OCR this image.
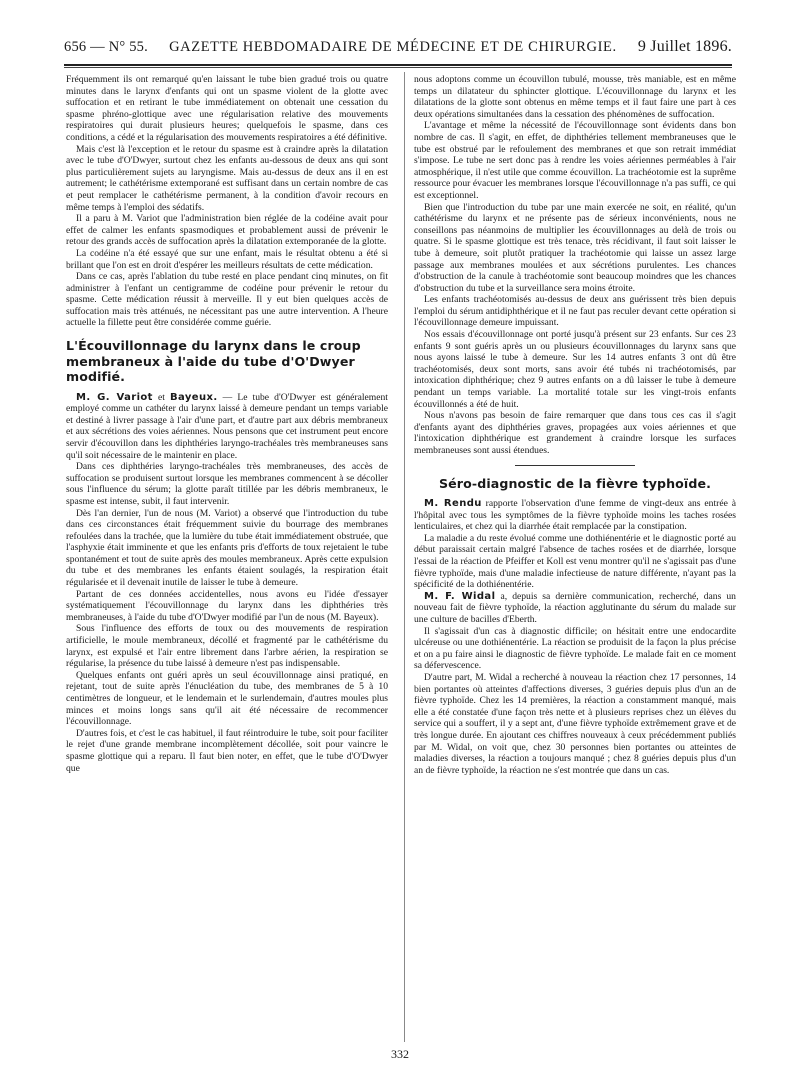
656 — N° 55. GAZETTE HEBDOMADAIRE DE MÉDECINE ET DE CHIRURGIE. 9 Juillet 1896.

Fréquemment ils ont remarqué qu'en laissant le tube bien gradué trois ou quatre minutes dans le larynx d'enfants qui ont un spasme violent de la glotte avec suffocation et en retirant le tube immédiatement on obtenait une cessation du spasme phréno-glottique avec une régularisation relative des mouvements respiratoires qui durait plusieurs heures; quelquefois le spasme, dans ces conditions, a cédé et la régularisation des mouvements respiratoires a été définitive.

Mais c'est là l'exception et le retour du spasme est à craindre après la dilatation avec le tube d'O'Dwyer, surtout chez les enfants au-dessous de deux ans qui sont plus particulièrement sujets au laryngisme. Mais au-dessus de deux ans il en est autrement; le cathétérisme extemporané est suffisant dans un certain nombre de cas et peut remplacer le cathétérisme permanent, à la condition d'avoir recours en même temps à l'emploi des sédatifs.

Il a paru à M. Variot que l'administration bien réglée de la codéine avait pour effet de calmer les enfants spasmodiques et probablement aussi de prévenir le retour des grands accès de suffocation après la dilatation extemporanée de la glotte.

La codéine n'a été essayé que sur une enfant, mais le résultat obtenu a été si brillant que l'on est en droit d'espérer les meilleurs résultats de cette médication.

Dans ce cas, après l'ablation du tube resté en place pendant cinq minutes, on fit administrer à l'enfant un centigramme de codéine pour prévenir le retour du spasme. Cette médication réussit à merveille. Il y eut bien quelques accès de suffocation mais très atténués, ne nécessitant pas une autre intervention. A l'heure actuelle la fillette peut être considérée comme guérie.

L'Écouvillonnage du larynx dans le croup membraneux à l'aide du tube d'O'Dwyer modifié.

M. G. Variot et Bayeux. — Le tube d'O'Dwyer est généralement employé comme un cathéter du larynx laissé à demeure pendant un temps variable et destiné à livrer passage à l'air d'une part, et d'autre part aux débris membraneux et aux sécrétions des voies aériennes. Nous pensons que cet instrument peut encore servir d'écouvillon dans les diphthéries laryngo-trachéales très membraneuses sans qu'il soit nécessaire de le maintenir en place.

Dans ces diphthéries laryngo-trachéales très membraneuses, des accès de suffocation se produisent surtout lorsque les membranes commencent à se décoller sous l'influence du sérum; la glotte paraît titillée par les débris membraneux, le spasme est intense, subit, il faut intervenir.

Dès l'an dernier, l'un de nous (M. Variot) a observé que l'introduction du tube dans ces circonstances était fréquemment suivie du bourrage des membranes refoulées dans la trachée, que la lumière du tube était immédiatement obstruée, que l'asphyxie était imminente et que les enfants pris d'efforts de toux rejetaient le tube spontanément et tout de suite après des moules membraneux. Après cette expulsion du tube et des membranes les enfants étaient soulagés, la respiration était régularisée et il devenait inutile de laisser le tube à demeure.

Partant de ces données accidentelles, nous avons eu l'idée d'essayer systématiquement l'écouvillonnage du larynx dans les diphthéries très membraneuses, à l'aide du tube d'O'Dwyer modifié par l'un de nous (M. Bayeux).

Sous l'influence des efforts de toux ou des mouvements de respiration artificielle, le moule membraneux, décollé et fragmenté par le cathétérisme du larynx, est expulsé et l'air entre librement dans l'arbre aérien, la respiration se régularise, la présence du tube laissé à demeure n'est pas indispensable.

Quelques enfants ont guéri après un seul écouvillonnage ainsi pratiqué, en rejetant, tout de suite après l'énucléation du tube, des membranes de 5 à 10 centimètres de longueur, et le lendemain et le surlendemain, d'autres moules plus minces et moins longs sans qu'il ait été nécessaire de recommencer l'écouvillonnage.

D'autres fois, et c'est le cas habituel, il faut réintroduire le tube, soit pour faciliter le rejet d'une grande membrane incomplètement décollée, soit pour vaincre le spasme glottique qui a reparu. Il faut bien noter, en effet, que le tube d'O'Dwyer que

nous adoptons comme un écouvillon tubulé, mousse, très maniable, est en même temps un dilatateur du sphincter glottique. L'écouvillonnage du larynx et les dilatations de la glotte sont obtenus en même temps et il faut faire une part à ces deux opérations simultanées dans la cessation des phénomènes de suffocation.

L'avantage et même la nécessité de l'écouvillonnage sont évidents dans bon nombre de cas. Il s'agit, en effet, de diphthéries tellement membraneuses que le tube est obstrué par le refoulement des membranes et que son retrait immédiat s'impose. Le tube ne sert donc pas à rendre les voies aériennes perméables à l'air atmosphérique, il n'est utile que comme écouvillon. La trachéotomie est la suprême ressource pour évacuer les membranes lorsque l'écouvillonnage n'a pas suffi, ce qui est exceptionnel.

Bien que l'introduction du tube par une main exercée ne soit, en réalité, qu'un cathétérisme du larynx et ne présente pas de sérieux inconvénients, nous ne conseillons pas néanmoins de multiplier les écouvillonnages au delà de trois ou quatre. Si le spasme glottique est très tenace, très récidivant, il faut soit laisser le tube à demeure, soit plutôt pratiquer la trachéotomie qui laisse un assez large passage aux membranes moulées et aux sécrétions purulentes. Les chances d'obstruction de la canule à trachéotomie sont beaucoup moindres que les chances d'obstruction du tube et la surveillance sera moins étroite.

Les enfants trachéotomisés au-dessus de deux ans guérissent très bien depuis l'emploi du sérum antidiphthérique et il ne faut pas reculer devant cette opération si l'écouvillonnage demeure impuissant.

Nos essais d'écouvillonnage ont porté jusqu'à présent sur 23 enfants. Sur ces 23 enfants 9 sont guéris après un ou plusieurs écouvillonnages du larynx sans que nous ayons laissé le tube à demeure. Sur les 14 autres enfants 3 ont dû être trachéotomisés, deux sont morts, sans avoir été tubés ni trachéotomisés, par intoxication diphthérique; chez 9 autres enfants on a dû laisser le tube à demeure pendant un temps variable. La mortalité totale sur les vingt-trois enfants écouvillonnés a été de huit.

Nous n'avons pas besoin de faire remarquer que dans tous ces cas il s'agit d'enfants ayant des diphthéries graves, propagées aux voies aériennes et que l'intoxication diphthérique est grandement à craindre lorsque les surfaces membraneuses sont aussi étendues.

Séro-diagnostic de la fièvre typhoïde.

M. Rendu rapporte l'observation d'une femme de vingt-deux ans entrée à l'hôpital avec tous les symptômes de la fièvre typhoïde moins les taches rosées lenticulaires, et chez qui la diarrhée était remplacée par la constipation.

La maladie a du reste évolué comme une dothiénentérie et le diagnostic porté au début paraissait certain malgré l'absence de taches rosées et de diarrhée, lorsque l'essai de la réaction de Pfeiffer et Koll est venu montrer qu'il ne s'agissait pas d'une fièvre typhoïde, mais d'une maladie infectieuse de nature différente, n'ayant pas la spécificité de la dothiénentérie.

M. F. Widal a, depuis sa dernière communication, recherché, dans un nouveau fait de fièvre typhoïde, la réaction agglutinante du sérum du malade sur une culture de bacilles d'Eberth.

Il s'agissait d'un cas à diagnostic difficile; on hésitait entre une endocardite ulcéreuse ou une dothiénentérie. La réaction se produisit de la façon la plus précise et on a pu faire ainsi le diagnostic de fièvre typhoïde. Le malade fait en ce moment sa défervescence.

D'autre part, M. Widal a recherché à nouveau la réaction chez 17 personnes, 14 bien portantes où atteintes d'affections diverses, 3 guéries depuis plus d'un an de fièvre typhoïde. Chez les 14 premières, la réaction a constamment manqué, mais elle a été constatée d'une façon très nette et à plusieurs reprises chez un élèves du service qui a souffert, il y a sept ant, d'une fièvre typhoïde extrêmement grave et de très longue durée. En ajoutant ces chiffres nouveaux à ceux précédemment publiés par M. Widal, on voit que, chez 30 personnes bien portantes ou atteintes de maladies diverses, la réaction a toujours manqué ; chez 8 guéries depuis plus d'un an de fièvre typhoïde, la réaction ne s'est montrée que dans un cas.

332
